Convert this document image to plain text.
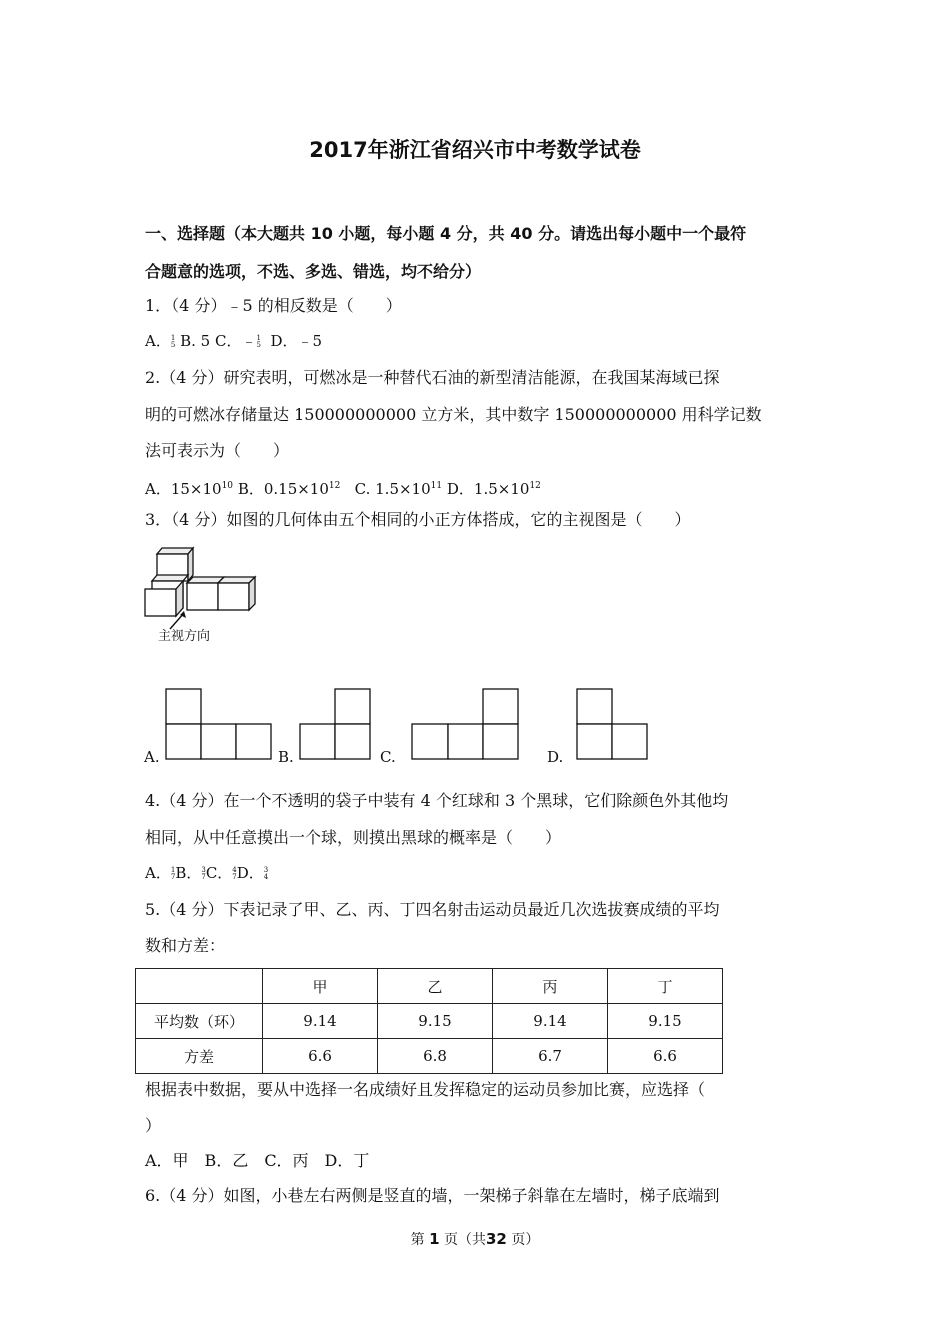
2017年浙江省绍兴市中考数学试卷
一、选择题（本大题共 10 小题，每小题 4 分，共 40 分。请选出每小题中一个最符
合题意的选项，不选、多选、错选，均不给分）
1．（4 分）﹣5 的相反数是（　　）
A．1
5 B. 5 C．﹣1
5 D．﹣5
2.（4 分）研究表明，可燃冰是一种替代石油的新型清洁能源，在我国某海域已探
明的可燃冰存储量达 150000000000 立方米，其中数字 150000000000 用科学记数
法可表示为（　　）
A．$15\times 10^{10}$ B．$0.15\times 10^{12}$ C. $1.5\times 10^{11}$ D．$1.5\times 10^{12}$
3．（4 分）如图的几何体由五个相同的小正方体搭成，它的主视图是（　　）
主视方向
A.	B.	C.	D.
4.（4 分）在一个不透明的袋子中装有 4 个红球和 3 个黑球，它们除颜色外其他均
相同，从中任意摸出一个球，则摸出黑球的概率是（　　）
A．1
7B．3
7C．4
7D．3
4
5.（4 分）下表记录了甲、乙、丙、丁四名射击运动员最近几次选拔赛成绩的平均
数和方差：
	甲	乙	丙	丁
平均数（环）	9.14	9.15	9.14	9.15
方差	6.6	6.8	6.7	6.6
根据表中数据，要从中选择一名成绩好且发挥稳定的运动员参加比赛，应选择（
）
A．甲　B．乙　C．丙　D．丁
6.（4 分）如图，小巷左右两侧是竖直的墙，一架梯子斜靠在左墙时，梯子底端到
第 1 页（共32 页）
